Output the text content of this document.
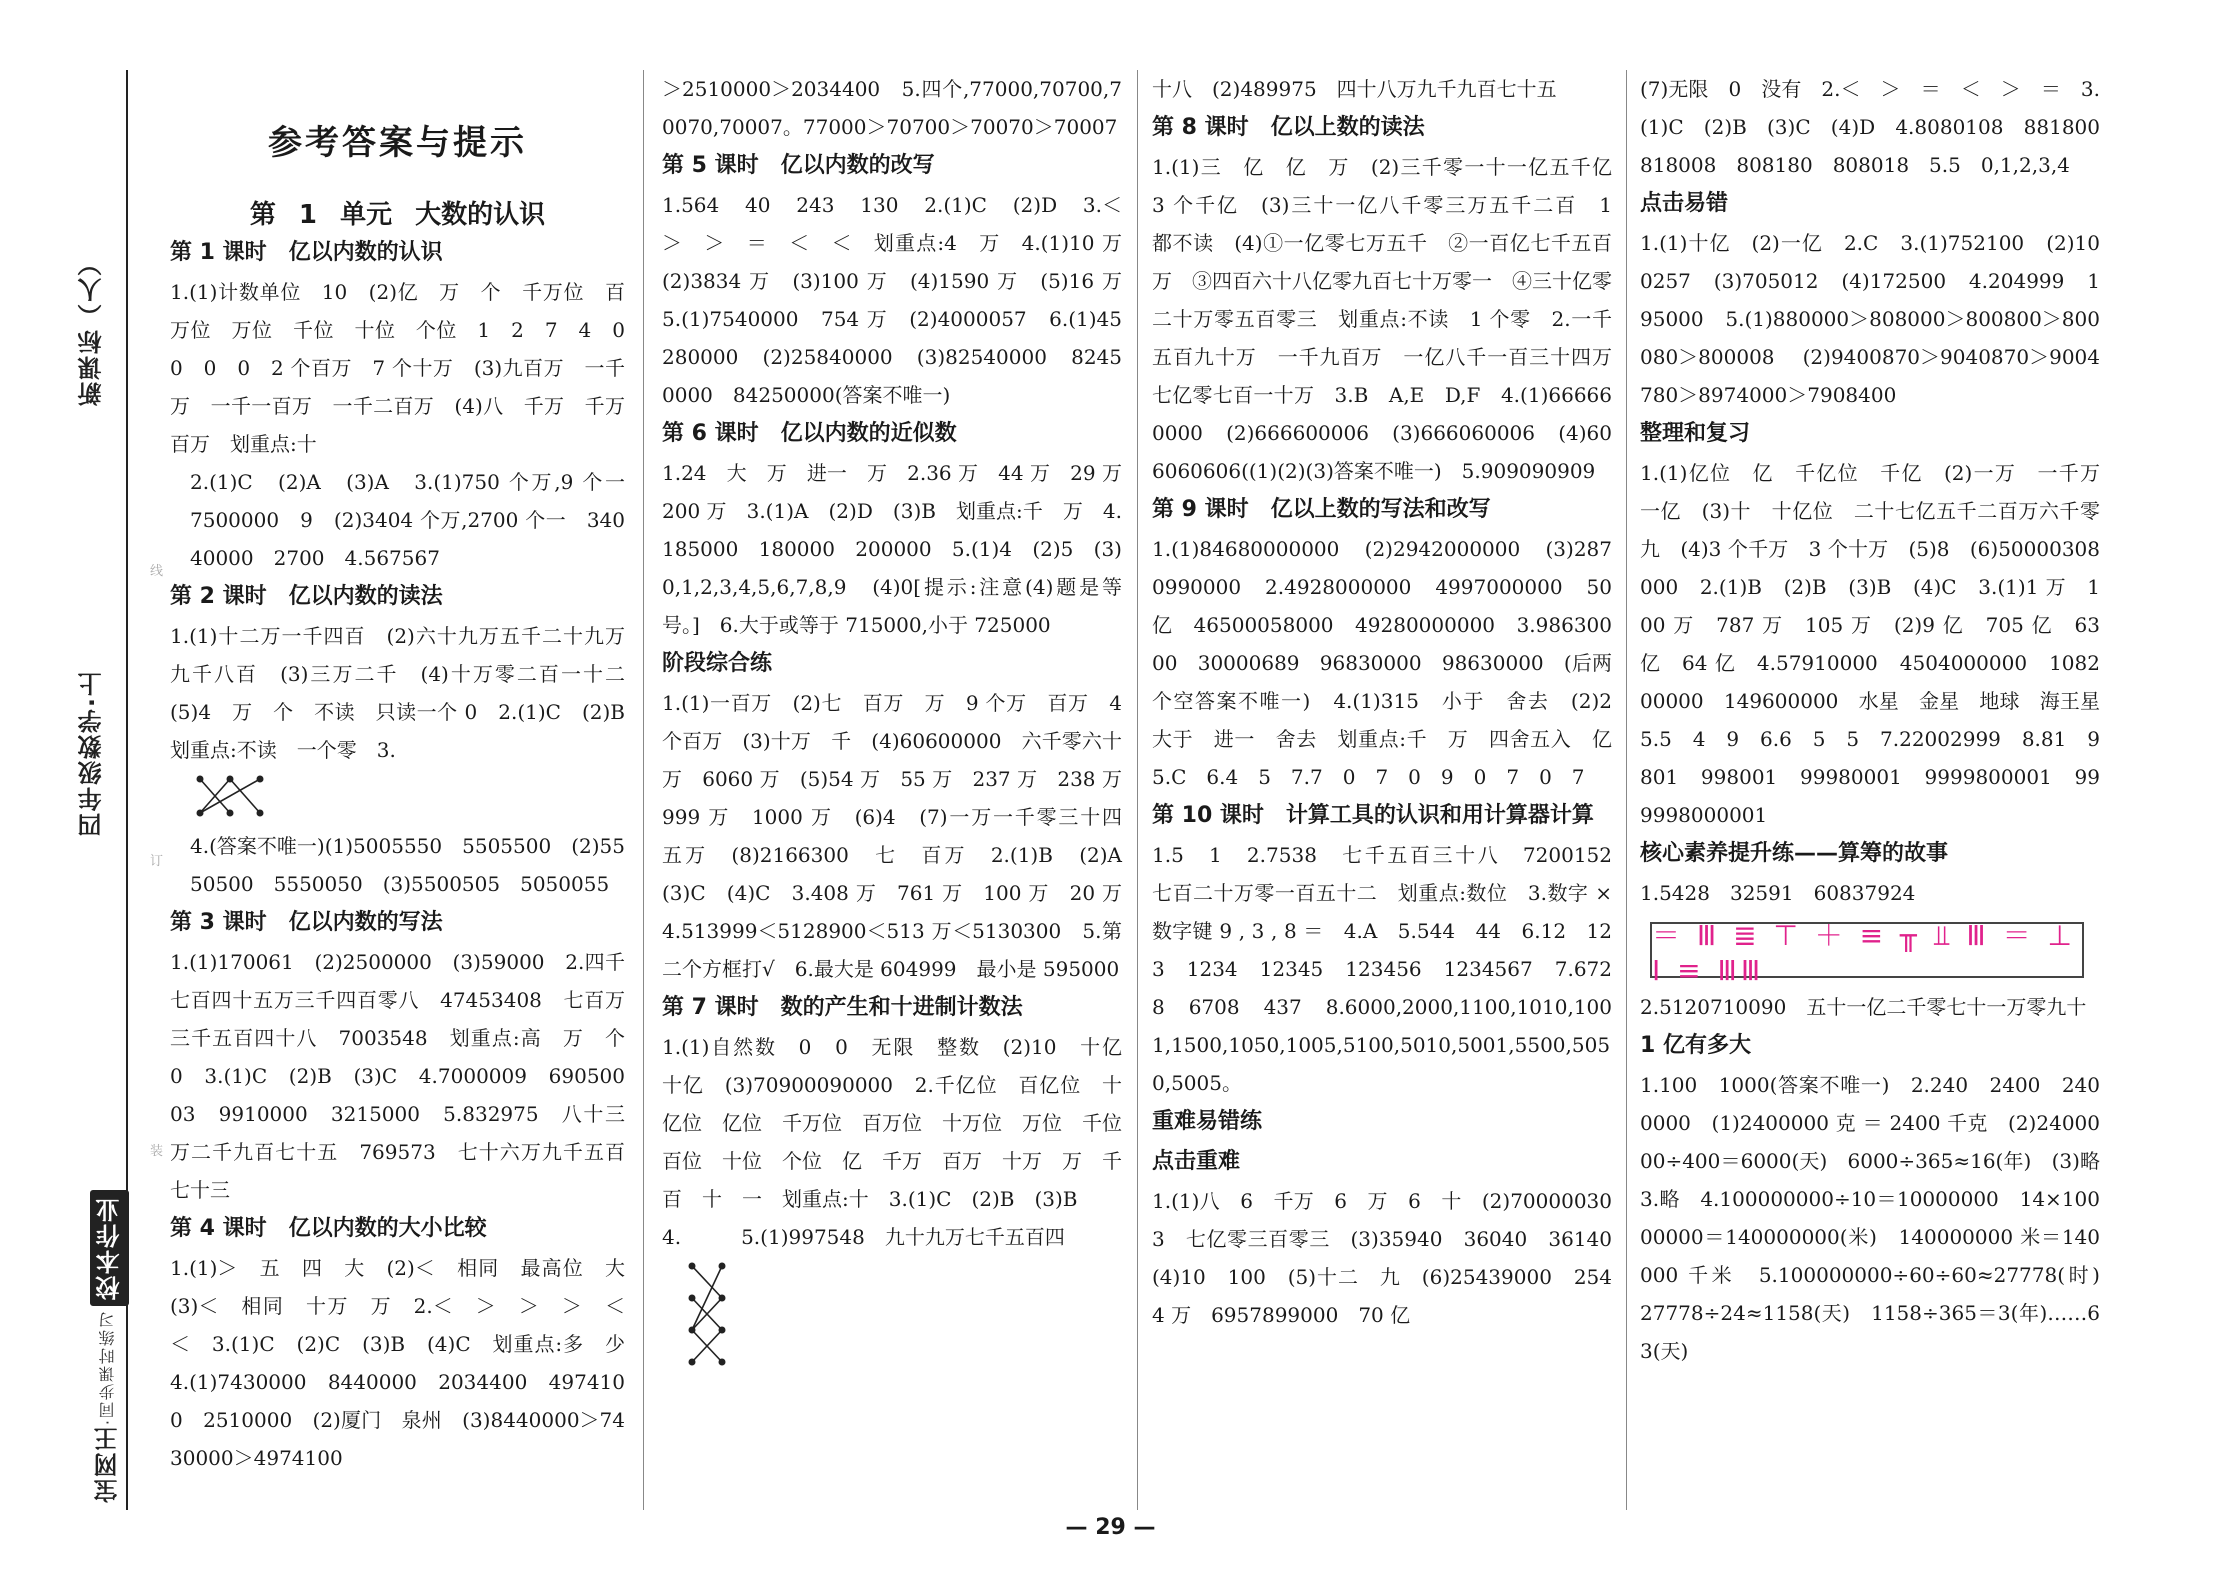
新课标（人）
四年级数学·上
校本作业
宝网王·同步课时练习
线
订
装
参考答案与提示
第 1 单元 大数的认识
第 1 课时　亿以内数的认识
1.(1)计数单位　10　(2)亿　万　个　千万位　百万位　万位　千位　十位　个位　1　2　7　4　0　0　0　0　2 个百万　7 个十万　(3)九百万　一千万　一千一百万　一千二百万　(4)八　千万　千万　百万　划重点:十
2.(1)C　(2)A　(3)A　3.(1)750 个万,9 个一　7500000　9　(2)3404 个万,2700 个一　34040000　2700　4.567567
第 2 课时　亿以内数的读法
1.(1)十二万一千四百　(2)六十九万五千二十九万九千八百　(3)三万二千　(4)十万零二百一十二　(5)4　万　个　不读　只读一个 0　2.(1)C　(2)B　划重点:不读　一个零　3.
4.(答案不唯一)(1)5005550　5505500　(2)5550500　5550050　(3)5500505　5050055
第 3 课时　亿以内数的写法
1.(1)170061　(2)2500000　(3)59000　2.四千七百四十五万三千四百零八　47453408　七百万三千五百四十八　7003548　划重点:高　万　个　0　3.(1)C　(2)B　(3)C　4.7000009　69050003　9910000　3215000　5.832975　八十三万二千九百七十五　769573　七十六万九千五百七十三
第 4 课时　亿以内数的大小比较
1.(1)＞　五　四　大　(2)＜　相同　最高位　大　(3)＜　相同　十万　万　2.＜　＞　＞　＞　＜　＜　3.(1)C　(2)C　(3)B　(4)C　划重点:多　少　4.(1)7430000　8440000　2034400　4974100　2510000　(2)厦门　泉州　(3)8440000＞7430000＞4974100
＞2510000＞2034400　5.四个,77000,70700,70070,70007。77000＞70700＞70070＞70007
第 5 课时　亿以内数的改写
1.564　40　243　130　2.(1)C　(2)D　3.＜　＞　＞　＝　＜　＜　划重点:4　万　4.(1)10 万　(2)3834 万　(3)100 万　(4)1590 万　(5)16 万　5.(1)7540000　754 万　(2)4000057　6.(1)45280000　(2)25840000　(3)82540000　82450000　84250000(答案不唯一)
第 6 课时　亿以内数的近似数
1.24　大　万　进一　万　2.36 万　44 万　29 万　200 万　3.(1)A　(2)D　(3)B　划重点:千　万　4.185000　180000　200000　5.(1)4　(2)5　(3)0,1,2,3,4,5,6,7,8,9　(4)0[提示:注意(4)题是等号。]　6.大于或等于 715000,小于 725000
阶段综合练
1.(1)一百万　(2)七　百万　万　9 个万　百万　4 个百万　(3)十万　千　(4)60600000　六千零六十万　6060 万　(5)54 万　55 万　237 万　238 万　999 万　1000 万　(6)4　(7)一万一千零三十四　五万　(8)2166300　七　百万　2.(1)B　(2)A　(3)C　(4)C　3.408 万　761 万　100 万　20 万　4.513999＜5128900＜513 万＜5130300　5.第二个方框打√　6.最大是 604999　最小是 595000
第 7 课时　数的产生和十进制计数法
1.(1)自然数　0　0　无限　整数　(2)10　十亿　十亿　(3)70900090000　2.千亿位　百亿位　十亿位　亿位　千万位　百万位　十万位　万位　千位　百位　十位　个位　亿　千万　百万　十万　万　千　百　十　一　划重点:十　3.(1)C　(2)B　(3)B
4.　　　5.(1)997548　九十九万七千五百四
十八　(2)489975　四十八万九千九百七十五
第 8 课时　亿以上数的读法
1.(1)三　亿　亿　万　(2)三千零一十一亿五千亿　3 个千亿　(3)三十一亿八千零三万五千二百　1　都不读　(4)①一亿零七万五千　②一百亿七千五百万　③四百六十八亿零九百七十万零一　④三十亿零二十万零五百零三　划重点:不读　1 个零　2.一千五百九十万　一千九百万　一亿八千一百三十四万　七亿零七百一十万　3.B　A,E　D,F　4.(1)666660000　(2)666600006　(3)666060006　(4)606060606((1)(2)(3)答案不唯一)　5.909090909
第 9 课时　亿以上数的写法和改写
1.(1)84680000000　(2)2942000000　(3)2870990000　2.4928000000　4997000000　50 亿　46500058000　49280000000　3.98630000　30000689　96830000　98630000　(后两个空答案不唯一)　4.(1)315　小于　舍去　(2)2　大于　进一　舍去　划重点:千　万　四舍五入　亿　5.C　6.4　5　7.7　0　7　0　9　0　7　0　7
第 10 课时　计算工具的认识和用计算器计算
1.5　1　2.7538　七千五百三十八　7200152　七百二十万零一百五十二　划重点:数位　3.数字 × 数字键 9 , 3 , 8 ＝　4.A　5.544　44　6.12　123　1234　12345　123456　1234567　7.6728　6708　437　8.6000,2000,1100,1010,1001,1500,1050,1005,5100,5010,5001,5500,5050,5005。
重难易错练
点击重难
1.(1)八　6　千万　6　万　6　十　(2)700000303　七亿零三百零三　(3)35940　36040　36140　(4)10　100　(5)十二　九　(6)25439000　2544 万　6957899000　70 亿
(7)无限　0　没有　2.＜　＞　＝　＜　＞　＝　3.(1)C　(2)B　(3)C　(4)D　4.8080108　881800　818008　808180　808018　5.5　0,1,2,3,4
点击易错
1.(1)十亿　(2)一亿　2.C　3.(1)752100　(2)100257　(3)705012　(4)172500　4.204999　195000　5.(1)880000＞808000＞800800＞800080＞800008　(2)9400870＞9040870＞9004780＞8974000＞7908400
整理和复习
1.(1)亿位　亿　千亿位　千亿　(2)一万　一千万　一亿　(3)十　十亿位　二十七亿五千二百万六千零九　(4)3 个千万　3 个十万　(5)8　(6)50000308000　2.(1)B　(2)B　(3)B　(4)C　3.(1)1 万　100 万　787 万　105 万　(2)9 亿　705 亿　63 亿　64 亿　4.57910000　4504000000　108200000　149600000　水星　金星　地球　海王星　5.5　4　9　6.6　5　5　7.22002999　8.81　9801　998001　99980001　9999800001　999998000001
核心素养提升练——算筹的故事
1.5428　32591　60837924
＝ Ⅲ ≣ ⊤ ＋ ≡ ╥ ⫫ Ⅲ ＝ ⊥ Ⅰ ≡ ⅢⅢ
2.5120710090　五十一亿二千零七十一万零九十
1 亿有多大
1.100　1000(答案不唯一)　2.240　2400　2400000　(1)2400000 克 ＝ 2400 千克　(2)2400000÷400＝6000(天)　6000÷365≈16(年)　(3)略　3.略　4.100000000÷10＝10000000　14×10000000＝140000000(米)　140000000 米＝140000 千米　5.100000000÷60÷60≈27778(时)　27778÷24≈1158(天)　1158÷365＝3(年)……63(天)
— 29 —
